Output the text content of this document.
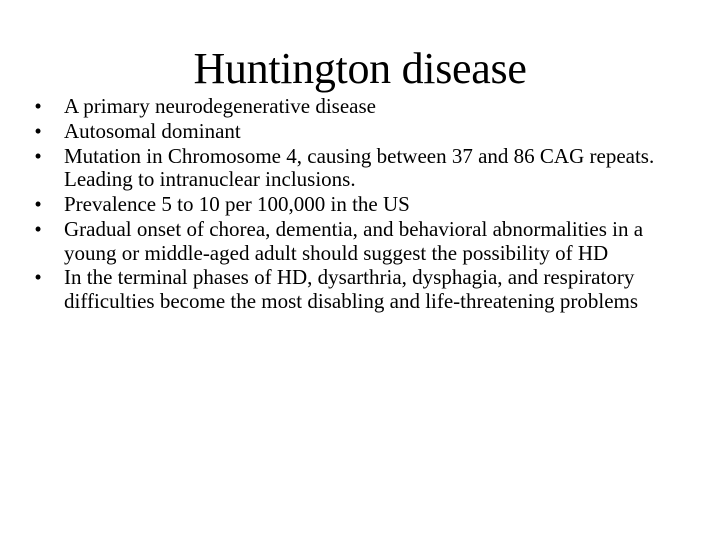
Huntington disease
•	A primary neurodegenerative disease
•	Autosomal dominant
•	Mutation in Chromosome 4, causing between 37 and 86 CAG repeats. Leading to intranuclear inclusions.
•	Prevalence 5 to 10 per 100,000 in the US
•	Gradual onset of chorea, dementia, and behavioral abnormalities in a young or middle-aged adult should suggest the possibility of HD
•	In the terminal phases of HD, dysarthria, dysphagia, and respiratory difficulties become the most disabling and life-threatening problems
